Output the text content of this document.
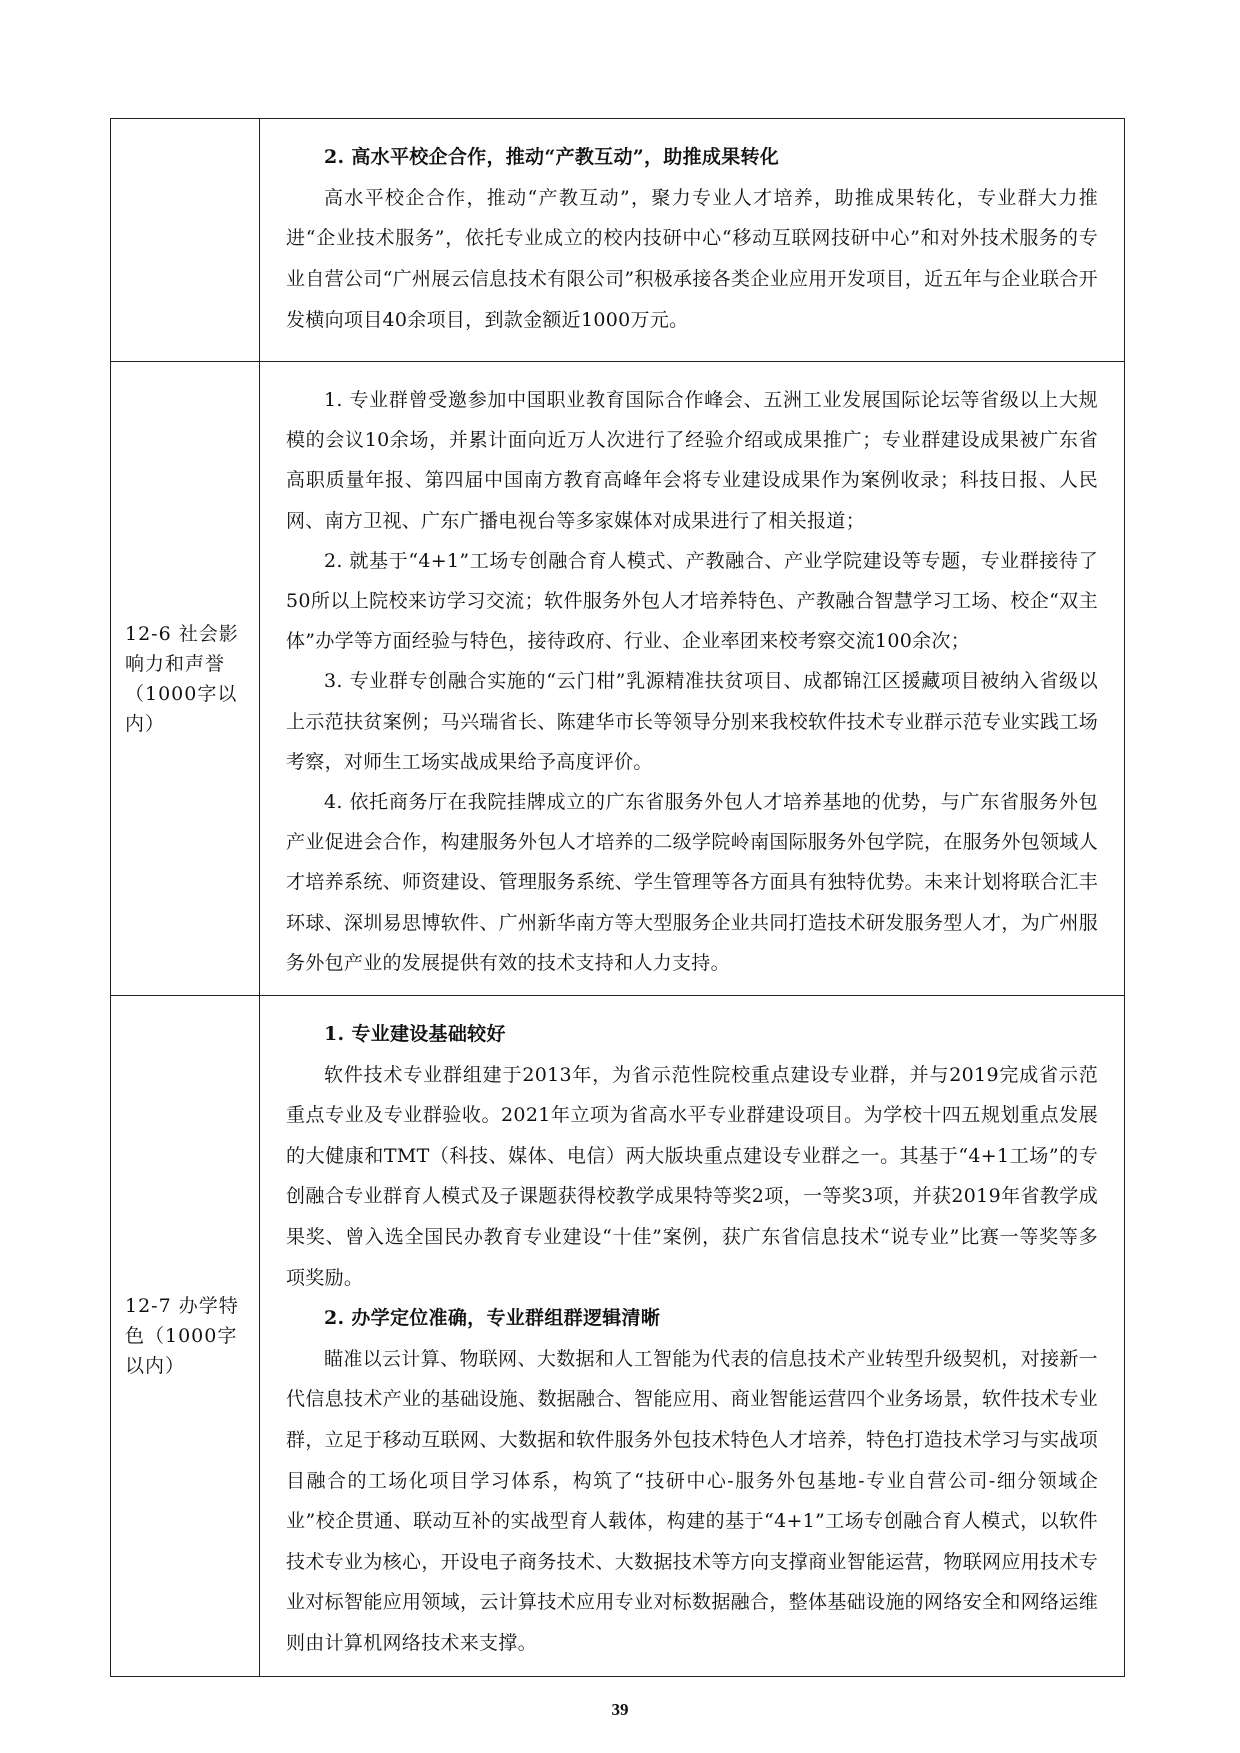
	2. 高水平校企合作，推动“产教互动”，助推成果转化

高水平校企合作，推动“产教互动”，聚力专业人才培养，助推成果转化，专业群大力推进“企业技术服务”，依托专业成立的校内技研中心“移动互联网技研中心”和对外技术服务的专业自营公司“广州展云信息技术有限公司”积极承接各类企业应用开发项目，近五年与企业联合开发横向项目40余项目，到款金额近1000万元。

12-6 社会影响力和声誉（1000字以内）	1. 专业群曾受邀参加中国职业教育国际合作峰会、五洲工业发展国际论坛等省级以上大规模的会议10余场，并累计面向近万人次进行了经验介绍或成果推广；专业群建设成果被广东省高职质量年报、第四届中国南方教育高峰年会将专业建设成果作为案例收录；科技日报、人民网、南方卫视、广东广播电视台等多家媒体对成果进行了相关报道；

2. 就基于“4+1”工场专创融合育人模式、产教融合、产业学院建设等专题，专业群接待了50所以上院校来访学习交流；软件服务外包人才培养特色、产教融合智慧学习工场、校企“双主体”办学等方面经验与特色，接待政府、行业、企业率团来校考察交流100余次；

3. 专业群专创融合实施的“云门柑”乳源精准扶贫项目、成都锦江区援藏项目被纳入省级以上示范扶贫案例；马兴瑞省长、陈建华市长等领导分别来我校软件技术专业群示范专业实践工场考察，对师生工场实战成果给予高度评价。

4. 依托商务厅在我院挂牌成立的广东省服务外包人才培养基地的优势，与广东省服务外包产业促进会合作，构建服务外包人才培养的二级学院岭南国际服务外包学院，在服务外包领域人才培养系统、师资建设、管理服务系统、学生管理等各方面具有独特优势。未来计划将联合汇丰环球、深圳易思博软件、广州新华南方等大型服务企业共同打造技术研发服务型人才，为广州服务外包产业的发展提供有效的技术支持和人力支持。

12-7 办学特色（1000字以内）	1. 专业建设基础较好

软件技术专业群组建于2013年，为省示范性院校重点建设专业群，并与2019完成省示范重点专业及专业群验收。2021年立项为省高水平专业群建设项目。为学校十四五规划重点发展的大健康和TMT（科技、媒体、电信）两大版块重点建设专业群之一。其基于“4+1工场”的专创融合专业群育人模式及子课题获得校教学成果特等奖2项，一等奖3项，并获2019年省教学成果奖、曾入选全国民办教育专业建设“十佳”案例，获广东省信息技术“说专业”比赛一等奖等多项奖励。

2. 办学定位准确，专业群组群逻辑清晰

瞄准以云计算、物联网、大数据和人工智能为代表的信息技术产业转型升级契机，对接新一代信息技术产业的基础设施、数据融合、智能应用、商业智能运营四个业务场景，软件技术专业群，立足于移动互联网、大数据和软件服务外包技术特色人才培养，特色打造技术学习与实战项目融合的工场化项目学习体系，构筑了“技研中心-服务外包基地-专业自营公司-细分领域企业”校企贯通、联动互补的实战型育人载体，构建的基于“4+1”工场专创融合育人模式，以软件技术专业为核心，开设电子商务技术、大数据技术等方向支撑商业智能运营，物联网应用技术专业对标智能应用领域，云计算技术应用专业对标数据融合，整体基础设施的网络安全和网络运维则由计算机网络技术来支撑。

39
